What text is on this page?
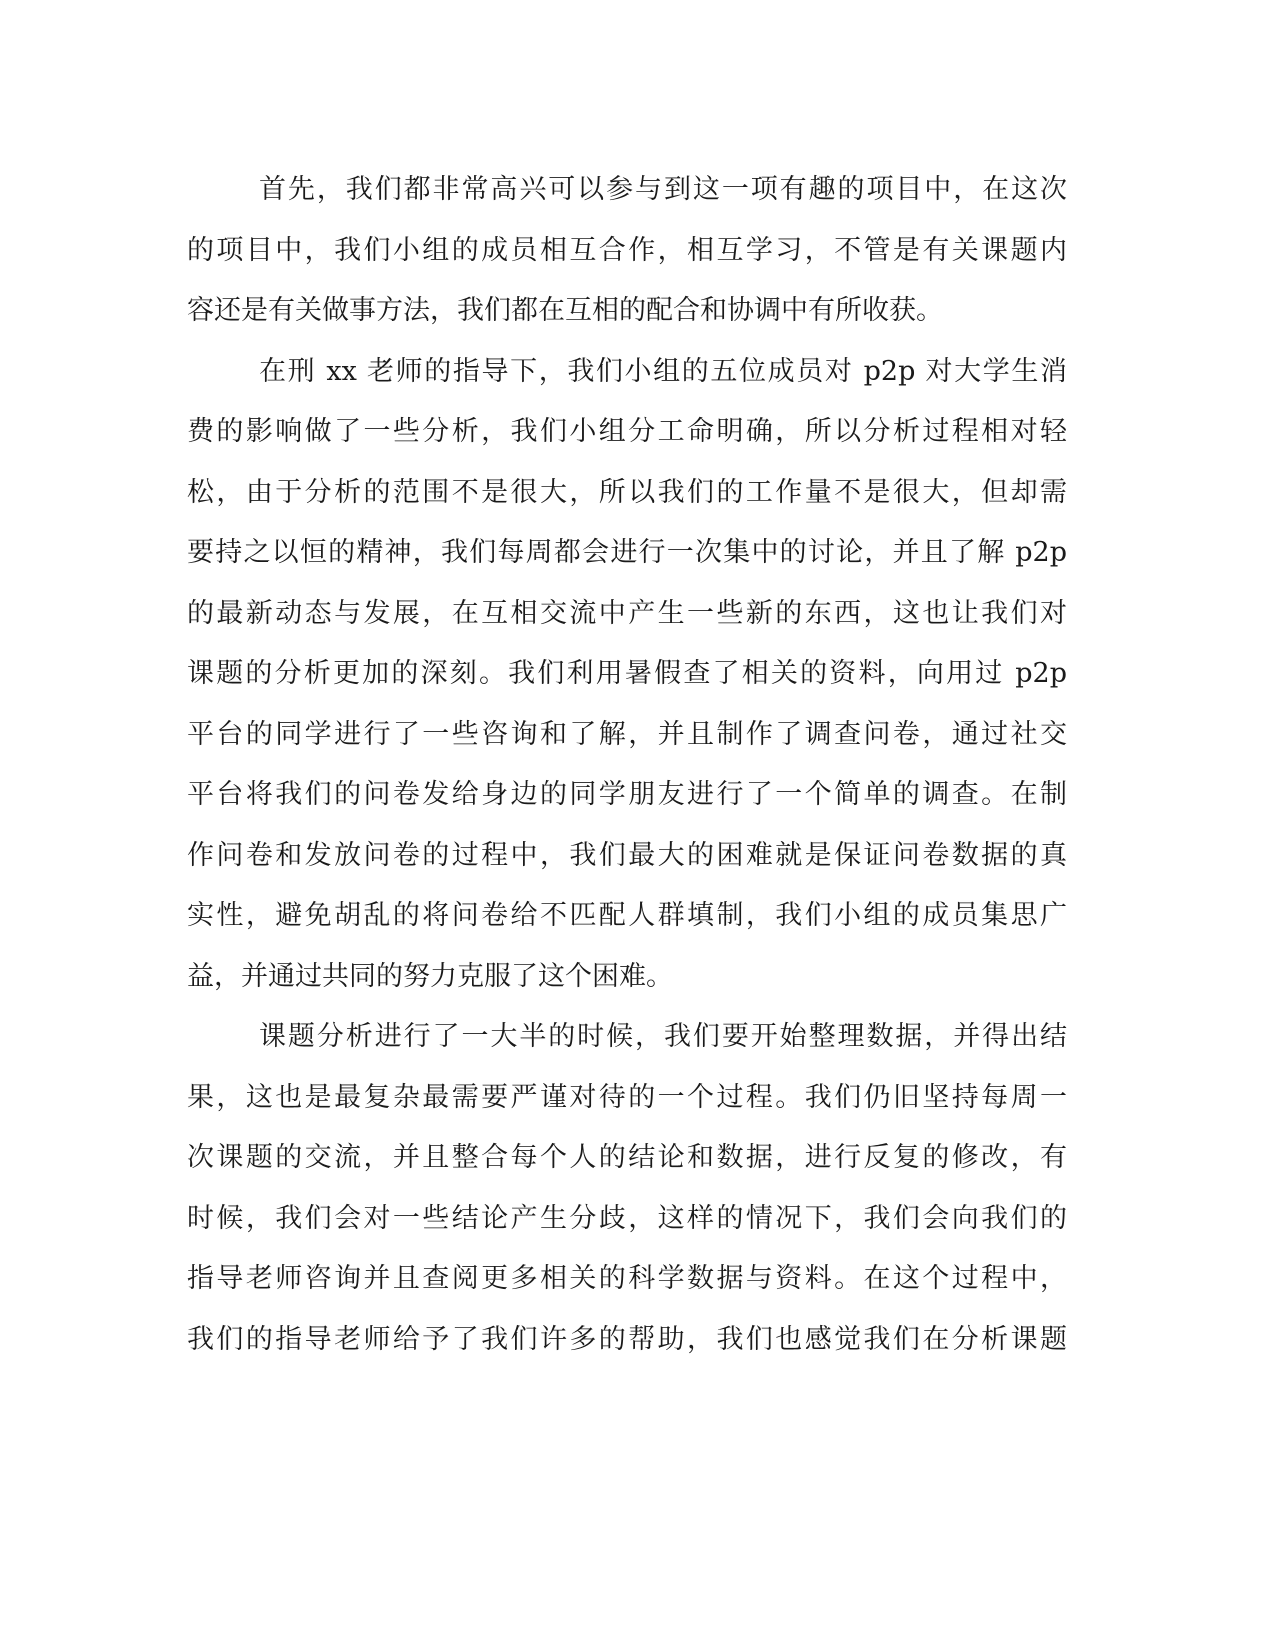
首先，我们都非常高兴可以参与到这一项有趣的项目中，在这次
的项目中，我们小组的成员相互合作，相互学习，不管是有关课题内
容还是有关做事方法，我们都在互相的配合和协调中有所收获。
在刑 xx 老师的指导下，我们小组的五位成员对 p2p 对大学生消
费的影响做了一些分析，我们小组分工命明确，所以分析过程相对轻
松，由于分析的范围不是很大，所以我们的工作量不是很大，但却需
要持之以恒的精神，我们每周都会进行一次集中的讨论，并且了解 p2p
的最新动态与发展，在互相交流中产生一些新的东西，这也让我们对
课题的分析更加的深刻。我们利用暑假查了相关的资料，向用过 p2p
平台的同学进行了一些咨询和了解，并且制作了调查问卷，通过社交
平台将我们的问卷发给身边的同学朋友进行了一个简单的调查。在制
作问卷和发放问卷的过程中，我们最大的困难就是保证问卷数据的真
实性，避免胡乱的将问卷给不匹配人群填制，我们小组的成员集思广
益，并通过共同的努力克服了这个困难。
课题分析进行了一大半的时候，我们要开始整理数据，并得出结
果，这也是最复杂最需要严谨对待的一个过程。我们仍旧坚持每周一
次课题的交流，并且整合每个人的结论和数据，进行反复的修改，有
时候，我们会对一些结论产生分歧，这样的情况下，我们会向我们的
指导老师咨询并且查阅更多相关的科学数据与资料。在这个过程中，
我们的指导老师给予了我们许多的帮助，我们也感觉我们在分析课题
